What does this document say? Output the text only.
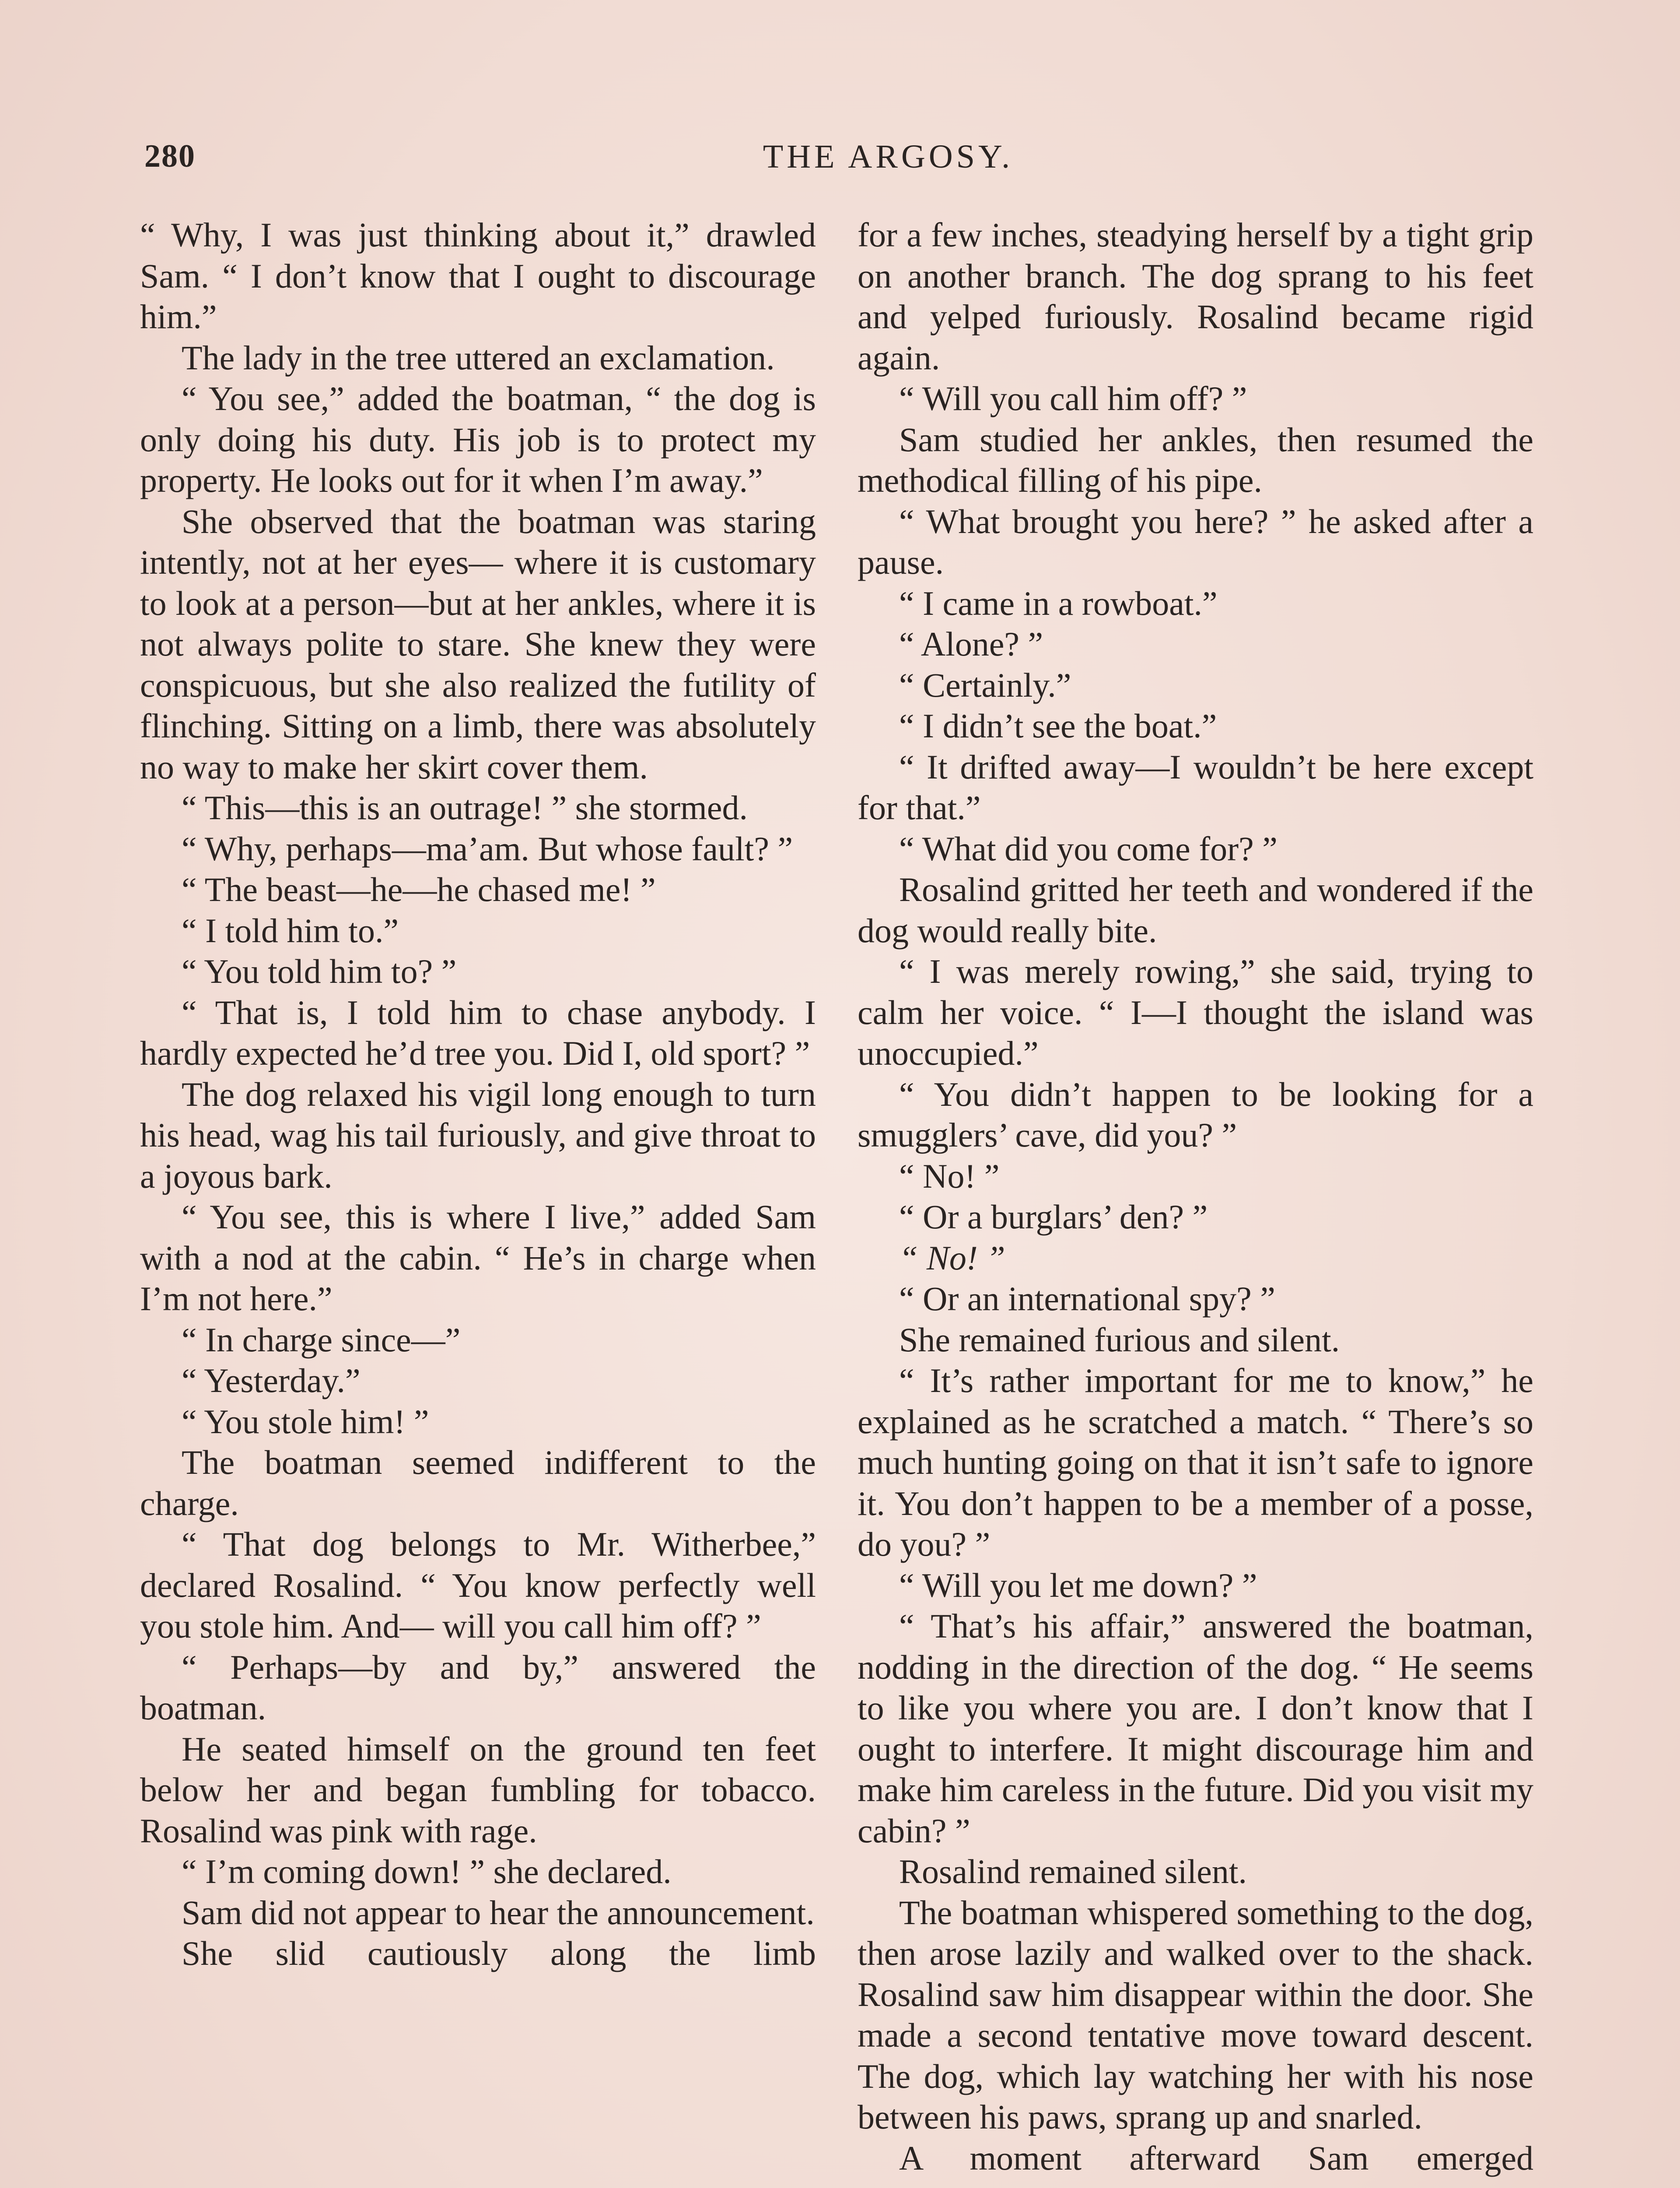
280	THE ARGOSY.

“ Why, I was just thinking about it,” drawled Sam. “ I don’t know that I ought to discourage him.”

The lady in the tree uttered an exclamation.

“ You see,” added the boatman, “ the dog is only doing his duty. His job is to protect my property. He looks out for it when I’m away.”

She observed that the boatman was staring intently, not at her eyes— where it is customary to look at a person—but at her ankles, where it is not always polite to stare. She knew they were conspicuous, but she also realized the futility of flinching. Sitting on a limb, there was absolutely no way to make her skirt cover them.

“ This—this is an outrage! ” she stormed.

“ Why, perhaps—ma’am. But whose fault? ”

“ The beast—he—he chased me! ”

“ I told him to.”

“ You told him to? ”

“ That is, I told him to chase anybody. I hardly expected he’d tree you. Did I, old sport? ”

The dog relaxed his vigil long enough to turn his head, wag his tail furiously, and give throat to a joyous bark.

“ You see, this is where I live,” added Sam with a nod at the cabin. “ He’s in charge when I’m not here.”

“ In charge since—”

“ Yesterday.”

“ You stole him! ”

The boatman seemed indifferent to the charge.

“ That dog belongs to Mr. Witherbee,” declared Rosalind. “ You know perfectly well you stole him. And— will you call him off? ”

“ Perhaps—by and by,” answered the boatman.

He seated himself on the ground ten feet below her and began fumbling for tobacco. Rosalind was pink with rage.

“ I’m coming down! ” she declared.

Sam did not appear to hear the announcement.

She slid cautiously along the limb

for a few inches, steadying herself by a tight grip on another branch. The dog sprang to his feet and yelped furiously. Rosalind became rigid again.

“ Will you call him off? ”

Sam studied her ankles, then resumed the methodical filling of his pipe.

“ What brought you here? ” he asked after a pause.

“ I came in a rowboat.”

“ Alone? ”

“ Certainly.”

“ I didn’t see the boat.”

“ It drifted away—I wouldn’t be here except for that.”

“ What did you come for? ”

Rosalind gritted her teeth and wondered if the dog would really bite.

“ I was merely rowing,” she said, trying to calm her voice. “ I—I thought the island was unoccupied.”

“ You didn’t happen to be looking for a smugglers’ cave, did you? ”

“ No! ”

“ Or a burglars’ den? ”

“ No! ”

“ Or an international spy? ”

She remained furious and silent.

“ It’s rather important for me to know,” he explained as he scratched a match. “ There’s so much hunting going on that it isn’t safe to ignore it. You don’t happen to be a member of a posse, do you? ”

“ Will you let me down? ”

“ That’s his affair,” answered the boatman, nodding in the direction of the dog. “ He seems to like you where you are. I don’t know that I ought to interfere. It might discourage him and make him careless in the future. Did you visit my cabin? ”

Rosalind remained silent.

The boatman whispered something to the dog, then arose lazily and walked over to the shack. Rosalind saw him disappear within the door. She made a second tentative move toward descent. The dog, which lay watching her with his nose between his paws, sprang up and snarled.

A moment afterward Sam emerged
